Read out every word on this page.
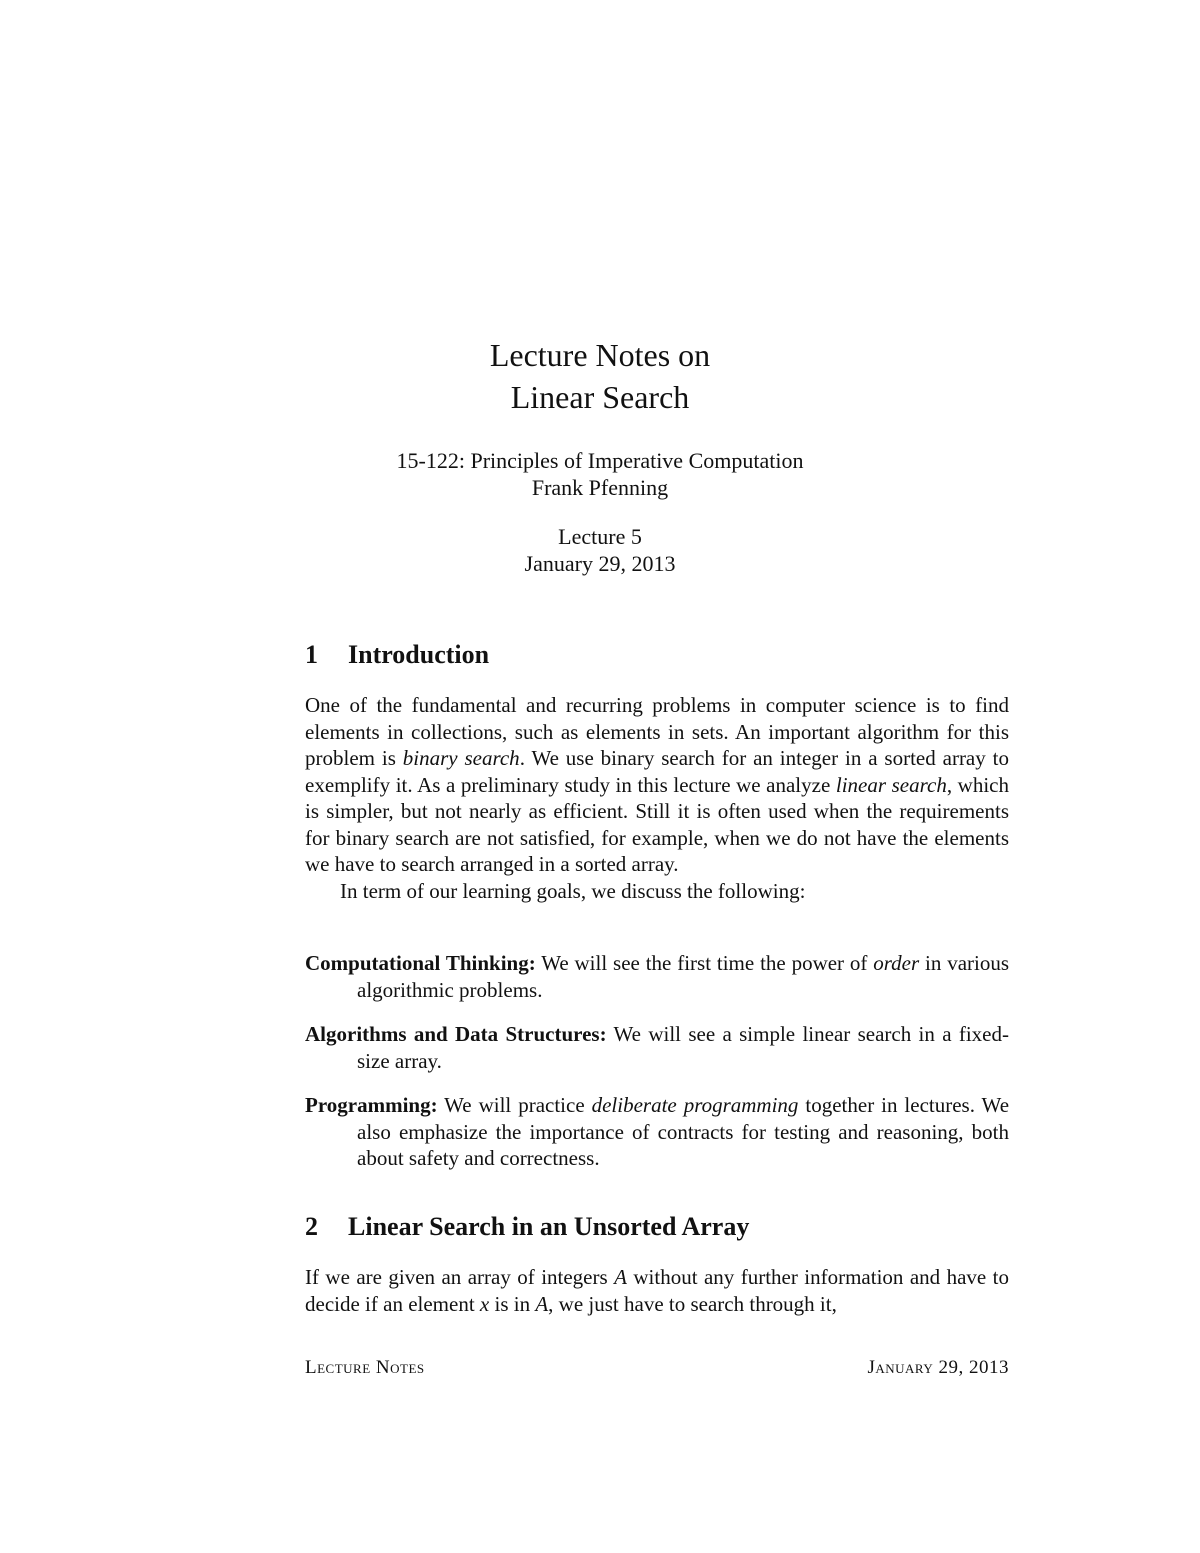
Lecture Notes on
Linear Search
15-122: Principles of Imperative Computation
Frank Pfenning
Lecture 5
January 29, 2013
1 Introduction

One of the fundamental and recurring problems in computer science is to find elements in collections, such as elements in sets. An important algorithm for this problem is binary search. We use binary search for an integer in a sorted array to exemplify it. As a preliminary study in this lecture we analyze linear search, which is simpler, but not nearly as efficient. Still it is often used when the requirements for binary search are not satisfied, for example, when we do not have the elements we have to search arranged in a sorted array.

In term of our learning goals, we discuss the following:

Computational Thinking: We will see the first time the power of order in various algorithmic problems.
Algorithms and Data Structures: We will see a simple linear search in a fixed-size array.
Programming: We will practice deliberate programming together in lectures. We also emphasize the importance of contracts for testing and reasoning, both about safety and correctness.
2 Linear Search in an Unsorted Array

If we are given an array of integers A without any further information and have to decide if an element x is in A, we just have to search through it,

Lecture Notes	January 29, 2013
